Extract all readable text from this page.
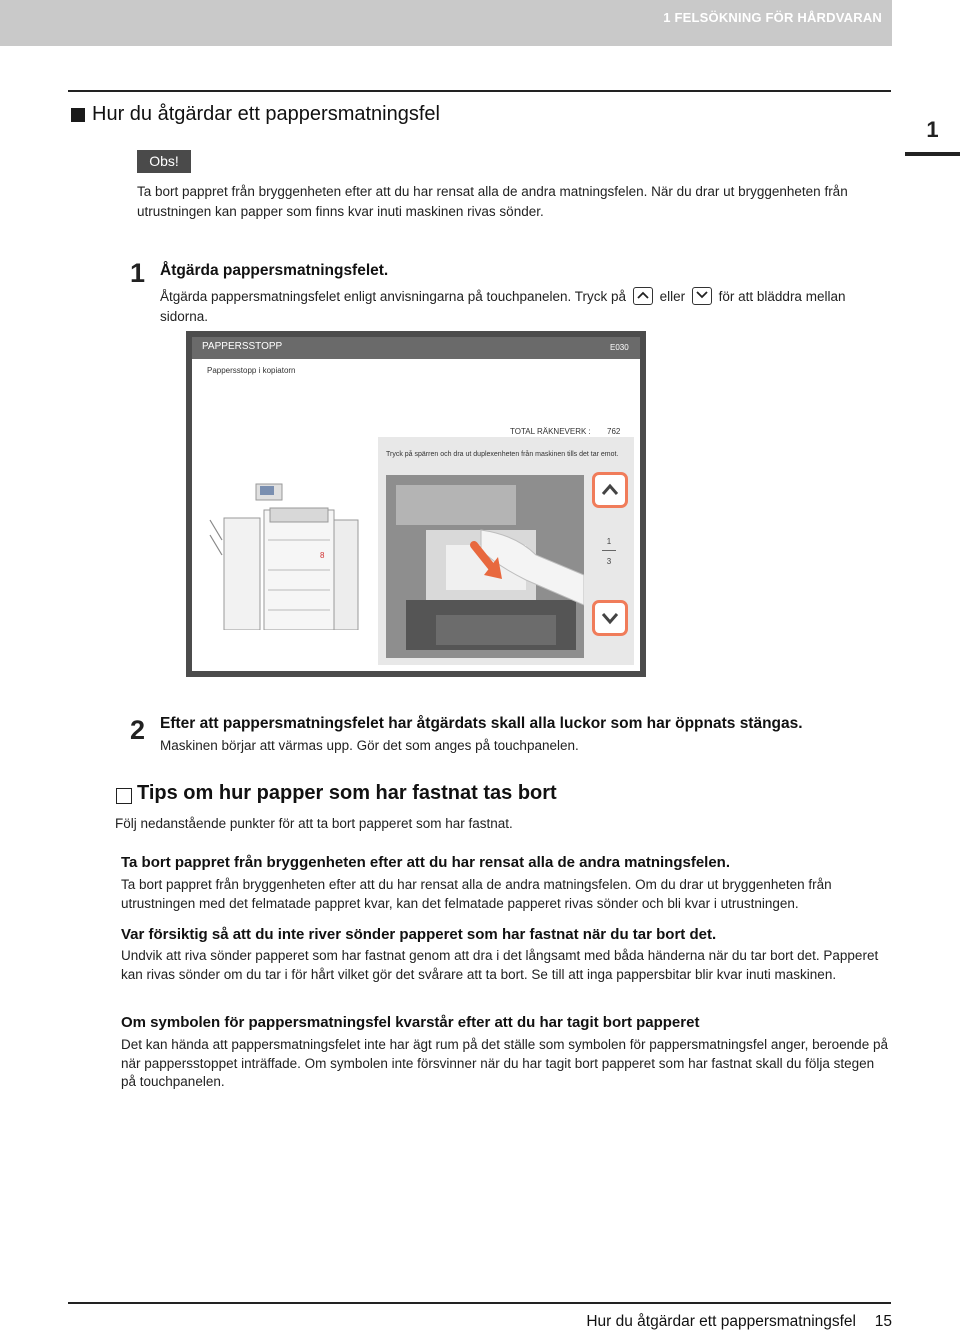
1 FELSÖKNING FÖR HÅRDVARAN
1
Hur du åtgärdar ett pappersmatningsfel
Obs!
Ta bort pappret från bryggenheten efter att du har rensat alla de andra matningsfelen. När du drar ut bryggenheten från utrustningen kan papper som finns kvar inuti maskinen rivas sönder.
1 Åtgärda pappersmatningsfelet.
Åtgärda pappersmatningsfelet enligt anvisningarna på touchpanelen. Tryck på eller för att bläddra mellan sidorna.
PAPPERSSTOPP	E030
Pappersstopp i kopiatorn
8
TOTAL RÄKNEVERK : 762
Tryck på spärren och dra ut duplexenheten från maskinen tills det tar emot.
1
3
2 Efter att pappersmatningsfelet har åtgärdats skall alla luckor som har öppnats stängas.
Maskinen börjar att värmas upp. Gör det som anges på touchpanelen.
Tips om hur papper som har fastnat tas bort
Följ nedanstående punkter för att ta bort papperet som har fastnat.
Ta bort pappret från bryggenheten efter att du har rensat alla de andra matningsfelen.
Ta bort pappret från bryggenheten efter att du har rensat alla de andra matningsfelen. Om du drar ut bryggenheten från utrustningen med det felmatade pappret kvar, kan det felmatade papperet rivas sönder och bli kvar i utrustningen.
Var försiktig så att du inte river sönder papperet som har fastnat när du tar bort det.
Undvik att riva sönder papperet som har fastnat genom att dra i det långsamt med båda händerna när du tar bort det. Papperet kan rivas sönder om du tar i för hårt vilket gör det svårare att ta bort. Se till att inga pappersbitar blir kvar inuti maskinen.
Om symbolen för pappersmatningsfel kvarstår efter att du har tagit bort papperet
Det kan hända att pappersmatningsfelet inte har ägt rum på det ställe som symbolen för pappersmatningsfel anger, beroende på när pappersstoppet inträffade. Om symbolen inte försvinner när du har tagit bort papperet som har fastnat skall du följa stegen på touchpanelen.
Hur du åtgärdar ett pappersmatningsfel 15
